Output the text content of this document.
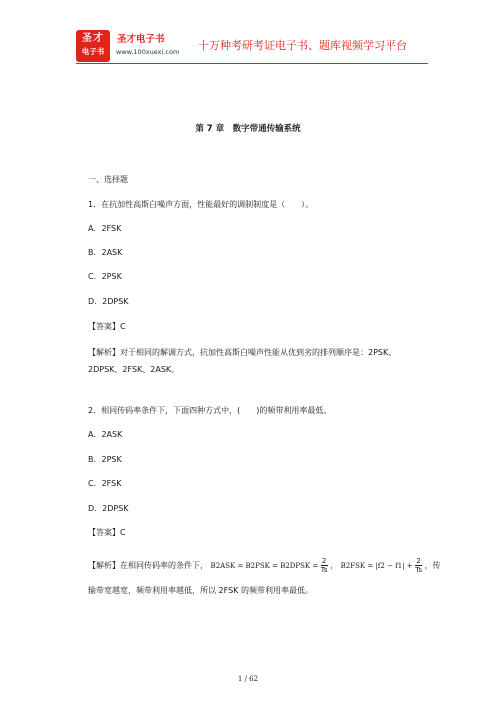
圣才
电子书
圣才电子书
www.100xuexi.com 十万种考研考证电子书、题库视频学习平台
第 7 章　数字带通传输系统
一、选择题
1．在抗加性高斯白噪声方面，性能最好的调制制度是（　　）。
A．2FSK
B．2ASK
C．2PSK
D．2DPSK
【答案】C
【解析】对于相同的解调方式，抗加性高斯白噪声性能从优到劣的排列顺序是：2PSK、
2DPSK、2FSK、2ASK。
2．相同传码率条件下，下面四种方式中，(　　)的频带利用率最低。
A．2ASK
B．2PSK
C．2FSK
D．2DPSK
【答案】C
【解析】在相同传码率的条件下， B2ASK = B2PSK = B2DPSK = $\frac{2}{Ts}$ ， $B2FSK = |f2 - f1| + \frac{2}{Ts}$ ，传
输带宽越宽，频带利用率越低，所以 2FSK 的频带利用率最低。
1 / 62
